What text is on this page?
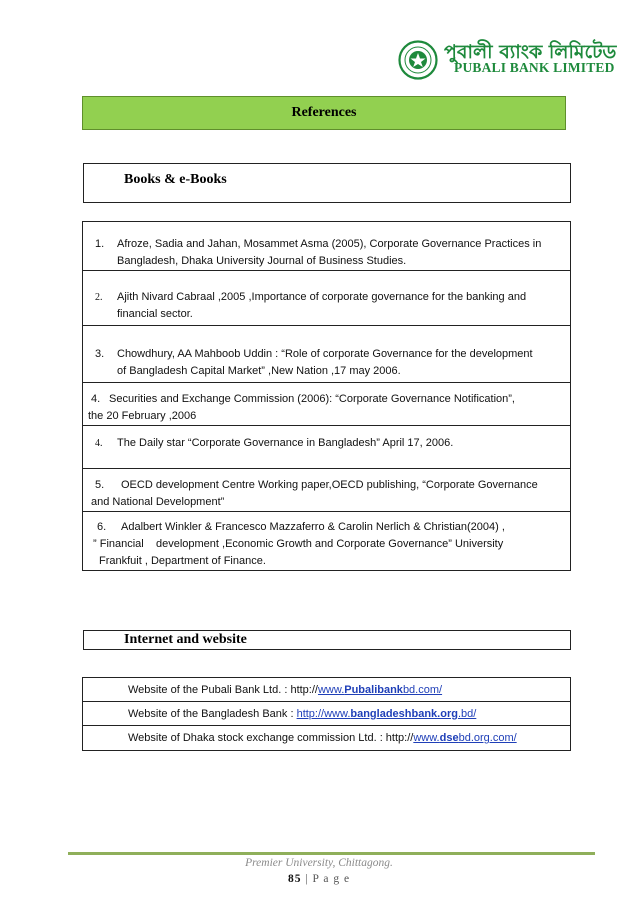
পুবালী ব্যাংক লিমিটেড
PUBALI BANK LIMITED
References
Books & e-Books
1. Afroze, Sadia and Jahan, Mosammet Asma (2005), Corporate Governance Practices in
Bangladesh, Dhaka University Journal of Business Studies.
2. Ajith Nivard Cabraal ,2005 ,Importance of corporate governance for the banking and
financial sector.
3. Chowdhury, AA Mahboob Uddin : “Role of corporate Governance for the development
of Bangladesh Capital Market” ,New Nation ,17 may 2006.
4. Securities and Exchange Commission (2006): “Corporate Governance Notification”,
the 20 February ,2006
4. The Daily star “Corporate Governance in Bangladesh” April 17, 2006.
5. OECD development Centre Working paper,OECD publishing, “Corporate Governance
and National Development”
6. Adalbert Winkler & Francesco Mazzaferro & Carolin Nerlich & Christian(2004) ,
” Financial    development ,Economic Growth and Corporate Governance” University
Frankfuit , Department of Finance.
Internet and website
Website of the Pubali Bank Ltd. : http://www.Pubalibankbd.com/
Website of the Bangladesh Bank : http://www.bangladeshbank.org.bd/
Website of Dhaka stock exchange commission Ltd. : http://www.dsebd.org.com/
Premier University, Chittagong.
85 | P a g e
